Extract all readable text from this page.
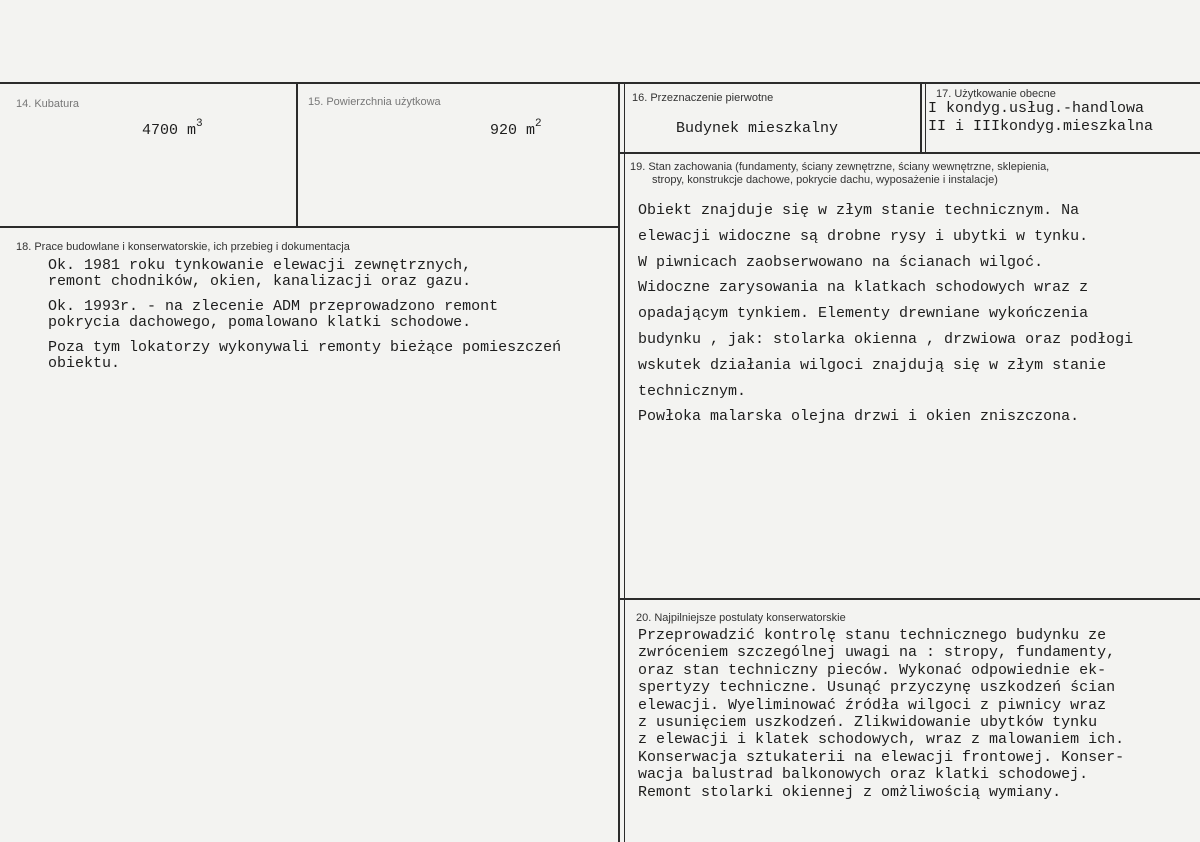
14. Kubatura
4700 $m^3$
15. Powierzchnia użytkowa
920 $m^2$
16. Przeznaczenie pierwotne
Budynek mieszkalny
17. Użytkowanie obecne
I kondyg.usług.-handlowa
II i IIIkondyg.mieszkalna
18. Prace budowlane i konserwatorskie, ich przebieg i dokumentacja
Ok. 1981 roku tynkowanie elewacji zewnętrznych,
remont chodników, okien, kanalizacji oraz gazu.
Ok. 1993r. - na zlecenie ADM przeprowadzono remont
pokrycia dachowego, pomalowano klatki schodowe.
Poza tym lokatorzy wykonywali remonty bieżące pomieszczeń
obiektu.
19. Stan zachowania (fundamenty, ściany zewnętrzne, ściany wewnętrzne, sklepienia,
stropy, konstrukcje dachowe, pokrycie dachu, wyposażenie i instalacje)
Obiekt znajduje się w złym stanie technicznym. Na
elewacji widoczne są drobne rysy i ubytki w tynku.
W piwnicach zaobserwowano na ścianach wilgoć.
Widoczne zarysowania na klatkach schodowych wraz z
opadającym tynkiem. Elementy drewniane wykończenia
budynku , jak: stolarka okienna , drzwiowa oraz podłogi
wskutek działania wilgoci znajdują się w złym stanie
technicznym.
Powłoka malarska olejna drzwi i okien zniszczona.
20. Najpilniejsze postulaty konserwatorskie
Przeprowadzić kontrolę stanu technicznego budynku ze
zwróceniem szczególnej uwagi na : stropy, fundamenty,
oraz stan techniczny pieców. Wykonać odpowiednie ek-
spertyzy techniczne. Usunąć przyczynę uszkodzeń ścian
elewacji. Wyeliminować źródła wilgoci z piwnicy wraz
z usunięciem uszkodzeń. Zlikwidowanie ubytków tynku
z elewacji i klatek schodowych, wraz z malowaniem ich.
Konserwacja sztukaterii na elewacji frontowej. Konser-
wacja balustrad balkonowych oraz klatki schodowej.
Remont stolarki okiennej z omżliwością wymiany.
